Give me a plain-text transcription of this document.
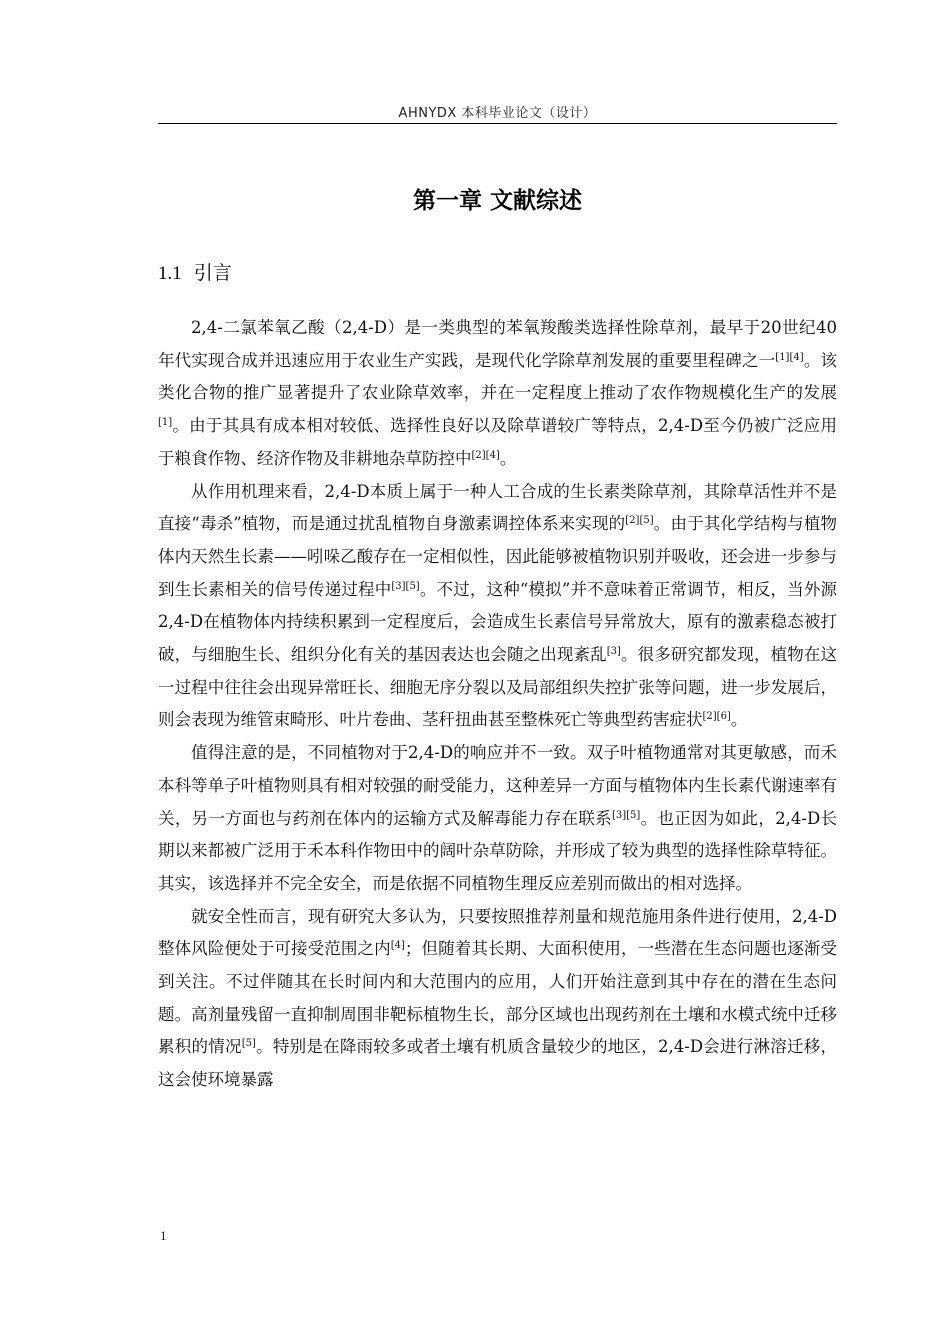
AHNYDX 本科毕业论文（设计）
第一章 文献综述
1.1 引言

2,4-二氯苯氧乙酸（2,4-D）是一类典型的苯氧羧酸类选择性除草剂，最早于20世纪40年代实现合成并迅速应用于农业生产实践，是现代化学除草剂发展的重要里程碑之一[1][4]。该类化合物的推广显著提升了农业除草效率，并在一定程度上推动了农作物规模化生产的发展[1]。由于其具有成本相对较低、选择性良好以及除草谱较广等特点，2,4-D至今仍被广泛应用于粮食作物、经济作物及非耕地杂草防控中[2][4]。

从作用机理来看，2,4-D本质上属于一种人工合成的生长素类除草剂，其除草活性并不是直接“毒杀”植物，而是通过扰乱植物自身激素调控体系来实现的[2][5]。由于其化学结构与植物体内天然生长素——吲哚乙酸存在一定相似性，因此能够被植物识别并吸收，还会进一步参与到生长素相关的信号传递过程中[3][5]。不过，这种“模拟”并不意味着正常调节，相反，当外源2,4-D在植物体内持续积累到一定程度后，会造成生长素信号异常放大，原有的激素稳态被打破，与细胞生长、组织分化有关的基因表达也会随之出现紊乱[3]。很多研究都发现，植物在这一过程中往往会出现异常旺长、细胞无序分裂以及局部组织失控扩张等问题，进一步发展后，则会表现为维管束畸形、叶片卷曲、茎秆扭曲甚至整株死亡等典型药害症状[2][6]。

值得注意的是，不同植物对于2,4-D的响应并不一致。双子叶植物通常对其更敏感，而禾本科等单子叶植物则具有相对较强的耐受能力，这种差异一方面与植物体内生长素代谢速率有关，另一方面也与药剂在体内的运输方式及解毒能力存在联系[3][5]。也正因为如此，2,4-D长期以来都被广泛用于禾本科作物田中的阔叶杂草防除，并形成了较为典型的选择性除草特征。其实，该选择并不完全安全，而是依据不同植物生理反应差别而做出的相对选择。

就安全性而言，现有研究大多认为，只要按照推荐剂量和规范施用条件进行使用，2,4-D整体风险便处于可接受范围之内[4]；但随着其长期、大面积使用，一些潜在生态问题也逐渐受到关注。不过伴随其在长时间内和大范围内的应用，人们开始注意到其中存在的潜在生态问题。高剂量残留一直抑制周围非靶标植物生长，部分区域也出现药剂在土壤和水模式统中迁移累积的情况[5]。特别是在降雨较多或者土壤有机质含量较少的地区，2,4-D会进行淋溶迁移，这会使环境暴露

1
